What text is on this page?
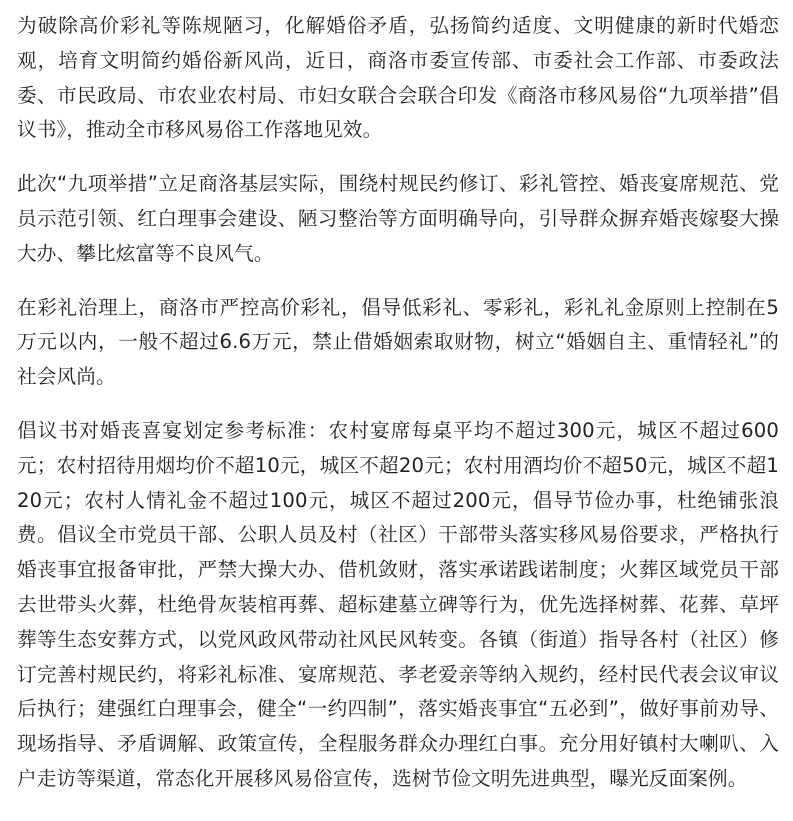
为破除高价彩礼等陈规陋习，化解婚俗矛盾，弘扬简约适度、文明健康的新时代婚恋观，培育文明简约婚俗新风尚，近日，商洛市委宣传部、市委社会工作部、市委政法委、市民政局、市农业农村局、市妇女联合会联合印发《商洛市移风易俗“九项举措”倡议书》，推动全市移风易俗工作落地见效。

此次“九项举措”立足商洛基层实际，围绕村规民约修订、彩礼管控、婚丧宴席规范、党员示范引领、红白理事会建设、陋习整治等方面明确导向，引导群众摒弃婚丧嫁娶大操大办、攀比炫富等不良风气。

在彩礼治理上，商洛市严控高价彩礼，倡导低彩礼、零彩礼，彩礼礼金原则上控制在5万元以内，一般不超过6.6万元，禁止借婚姻索取财物，树立“婚姻自主、重情轻礼”的社会风尚。

倡议书对婚丧喜宴划定参考标准：农村宴席每桌平均不超过300元，城区不超过600元；农村招待用烟均价不超10元，城区不超20元；农村用酒均价不超50元，城区不超120元；农村人情礼金不超过100元，城区不超过200元，倡导节俭办事，杜绝铺张浪费。倡议全市党员干部、公职人员及村（社区）干部带头落实移风易俗要求，严格执行婚丧事宜报备审批，严禁大操大办、借机敛财，落实承诺践诺制度；火葬区域党员干部去世带头火葬，杜绝骨灰装棺再葬、超标建墓立碑等行为，优先选择树葬、花葬、草坪葬等生态安葬方式，以党风政风带动社风民风转变。各镇（街道）指导各村（社区）修订完善村规民约，将彩礼标准、宴席规范、孝老爱亲等纳入规约，经村民代表会议审议后执行；建强红白理事会，健全“一约四制”，落实婚丧事宜“五必到”，做好事前劝导、现场指导、矛盾调解、政策宣传，全程服务群众办理红白事。充分用好镇村大喇叭、入户走访等渠道，常态化开展移风易俗宣传，选树节俭文明先进典型，曝光反面案例。
